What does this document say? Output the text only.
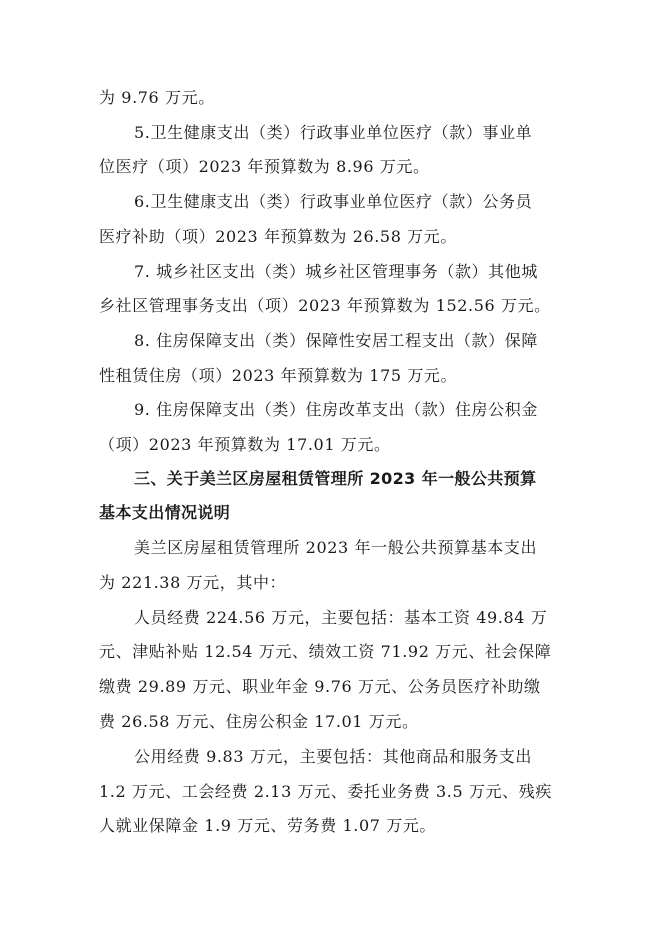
为 9.76 万元。
5.卫生健康支出（类）行政事业单位医疗（款）事业单
位医疗（项）2023 年预算数为 8.96 万元。
6.卫生健康支出（类）行政事业单位医疗（款）公务员
医疗补助（项）2023 年预算数为 26.58 万元。
7. 城乡社区支出（类）城乡社区管理事务（款）其他城
乡社区管理事务支出（项）2023 年预算数为 152.56 万元。
8. 住房保障支出（类）保障性安居工程支出（款）保障
性租赁住房（项）2023 年预算数为 175 万元。
9. 住房保障支出（类）住房改革支出（款）住房公积金
（项）2023 年预算数为 17.01 万元。
三、关于美兰区房屋租赁管理所 2023 年一般公共预算
基本支出情况说明
美兰区房屋租赁管理所 2023 年一般公共预算基本支出
为 221.38 万元，其中：
人员经费 224.56 万元，主要包括：基本工资 49.84 万
元、津贴补贴 12.54 万元、绩效工资 71.92 万元、社会保障
缴费 29.89 万元、职业年金 9.76 万元、公务员医疗补助缴
费 26.58 万元、住房公积金 17.01 万元。
公用经费 9.83 万元，主要包括：其他商品和服务支出
1.2 万元、工会经费 2.13 万元、委托业务费 3.5 万元、残疾
人就业保障金 1.9 万元、劳务费 1.07 万元。
